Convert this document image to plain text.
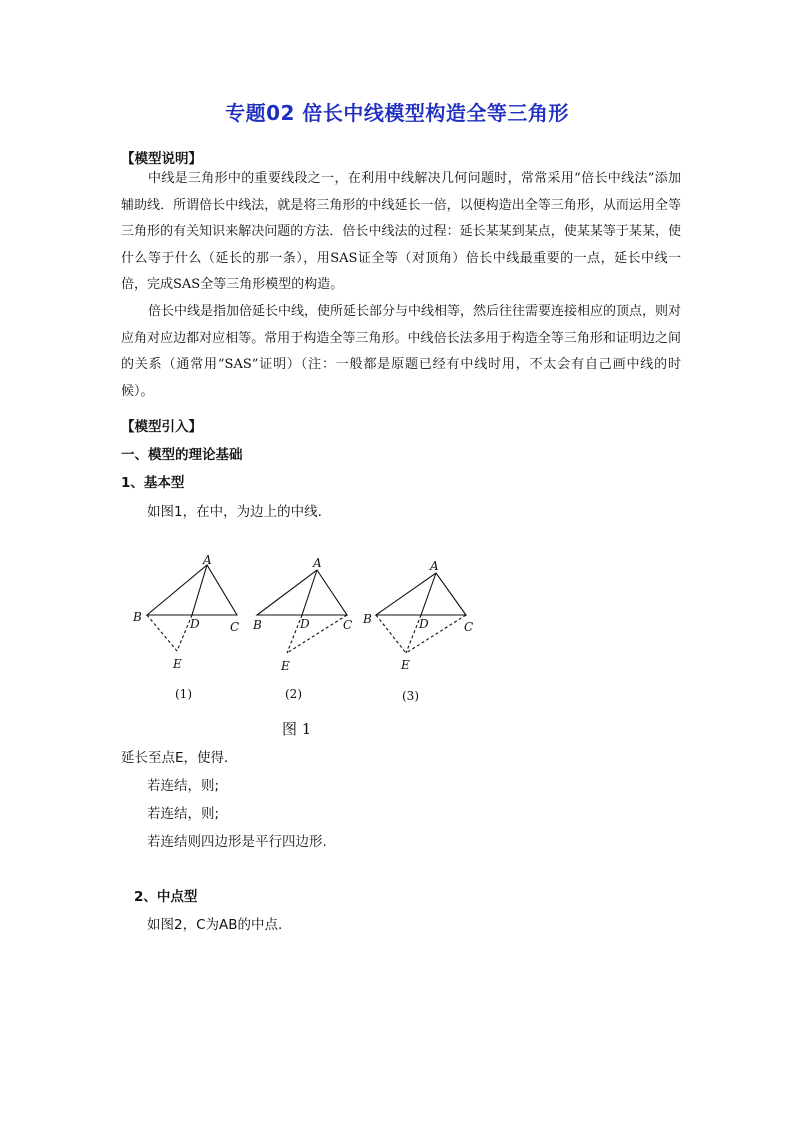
专题02 倍长中线模型构造全等三角形
【模型说明】

中线是三角形中的重要线段之一，在利用中线解决几何问题时，常常采用“倍长中线法”添加辅助线．所谓倍长中线法，就是将三角形的中线延长一倍，以便构造出全等三角形，从而运用全等三角形的有关知识来解决问题的方法．倍长中线法的过程：延长某某到某点，使某某等于某某，使什么等于什么（延长的那一条），用SAS证全等（对顶角）倍长中线最重要的一点，延长中线一倍，完成SAS全等三角形模型的构造。

倍长中线是指加倍延长中线，使所延长部分与中线相等，然后往往需要连接相应的顶点，则对应角对应边都对应相等。常用于构造全等三角形。中线倍长法多用于构造全等三角形和证明边之间的关系（通常用“SAS”证明）（注：一般都是原题已经有中线时用，不太会有自己画中线的时候）。

【模型引入】
一、模型的理论基础
1、基本型
如图1，在中，为边上的中线.
A
B
C
D
E
(1)
A
B	C
D
E
(2)
A
B
C
D
E
(3)
图 1
延长至点E，使得.
若连结，则;
若连结，则;
若连结则四边形是平行四边形.
2、中点型
如图2，C为AB的中点.
